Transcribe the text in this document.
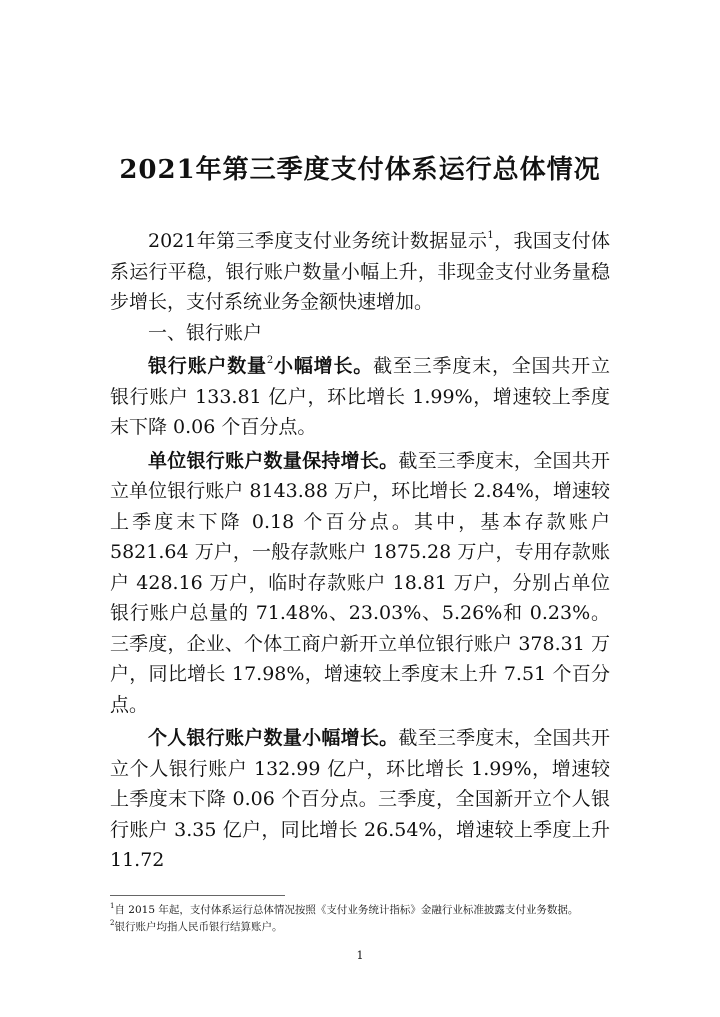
2021年第三季度支付体系运行总体情况

2021年第三季度支付业务统计数据显示$^1$，我国支付体系运行平稳，银行账户数量小幅上升，非现金支付业务量稳步增长，支付系统业务金额快速增加。

一、银行账户

银行账户数量$^2$小幅增长。截至三季度末，全国共开立银行账户 133.81 亿户，环比增长 1.99%，增速较上季度末下降 0.06 个百分点。

单位银行账户数量保持增长。截至三季度末，全国共开立单位银行账户 8143.88 万户，环比增长 2.84%，增速较上季度末下降 0.18 个百分点。其中，基本存款账户 5821.64 万户，一般存款账户 1875.28 万户，专用存款账户 428.16 万户，临时存款账户 18.81 万户，分别占单位银行账户总量的 71.48%、23.03%、5.26%和 0.23%。三季度，企业、个体工商户新开立单位银行账户 378.31 万户，同比增长 17.98%，增速较上季度末上升 7.51 个百分点。

个人银行账户数量小幅增长。截至三季度末，全国共开立个人银行账户 132.99 亿户，环比增长 1.99%，增速较上季度末下降 0.06 个百分点。三季度，全国新开立个人银行账户 3.35 亿户，同比增长 26.54%，增速较上季度上升 11.72

$^1$自 2015 年起，支付体系运行总体情况按照《支付业务统计指标》金融行业标准披露支付业务数据。
$^2$银行账户均指人民币银行结算账户。
1
